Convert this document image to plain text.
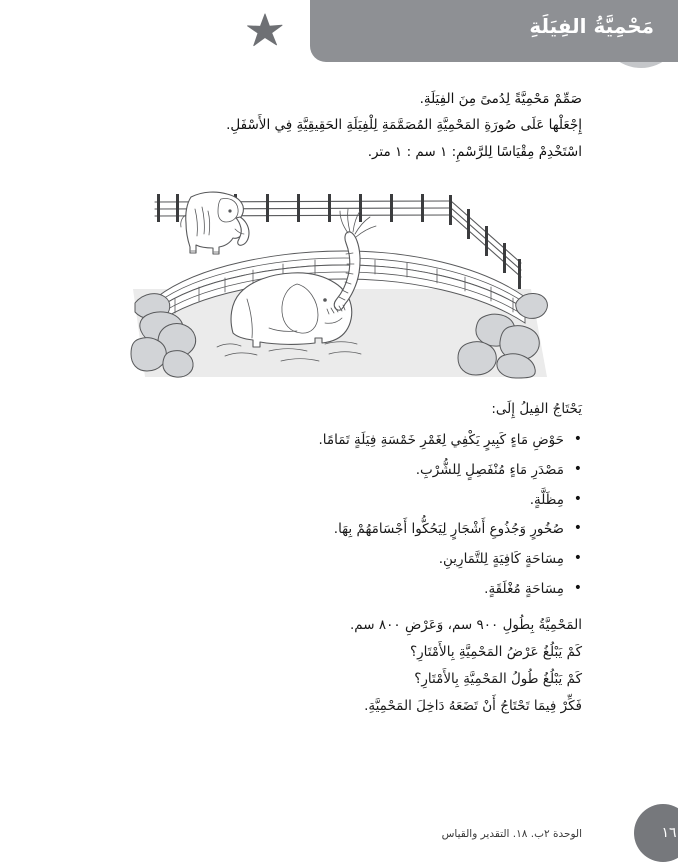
مَحْمِيَّةُ الفِيَلَةِ
صَمِّمْ مَحْمِيَّةً لِدُمىً مِنَ الفِيَلَةِ.
إِجْعَلْها عَلَى صُورَةِ المَحْمِيَّةِ المُصَمَّمَةِ لِلْفِيَلَةِ الحَقِيقِيَّةِ فِي الأَسْفَلِ.
اسْتَخْدِمْ مِقْيَاسًا لِلرَّسْمِ: ١ سم : ١ متر.
يَحْتَاجُ الفِيلُ إِلَى:
• حَوْضِ مَاءٍ كَبِيرٍ يَكْفِي لِغَمْرِ خَمْسَةِ فِيَلَةٍ تَمَامًا.
• مَصْدَرِ مَاءٍ مُنْفَصِلٍ لِلشُّرْبِ.
• مِظَلَّةٍ.
• صُخُورٍ وَجُذُوعِ أَشْجَارٍ لِيَحُكُّوا أَجْسَامَهُمْ بِهَا.
• مِسَاحَةٍ كَافِيَةٍ لِلتَّمَارِينِ.
• مِسَاحَةٍ مُغْلَقَةٍ.
المَحْمِيَّةُ بِطُولِ ٩٠٠ سم، وَعَرْضِ ٨٠٠ سم.
كَمْ يَبْلُغُ عَرْضُ المَحْمِيَّةِ بِالأَمْتَارِ؟
كَمْ يَبْلُغُ طُولُ المَحْمِيَّةِ بِالأَمْتَارِ؟
فَكِّرْ فِيمَا تَحْتَاجُ أَنْ تَضَعَهُ دَاخِلَ المَحْمِيَّةِ.
الوحدة ٢ب. ١٨. التقدير والقياس	١٦
